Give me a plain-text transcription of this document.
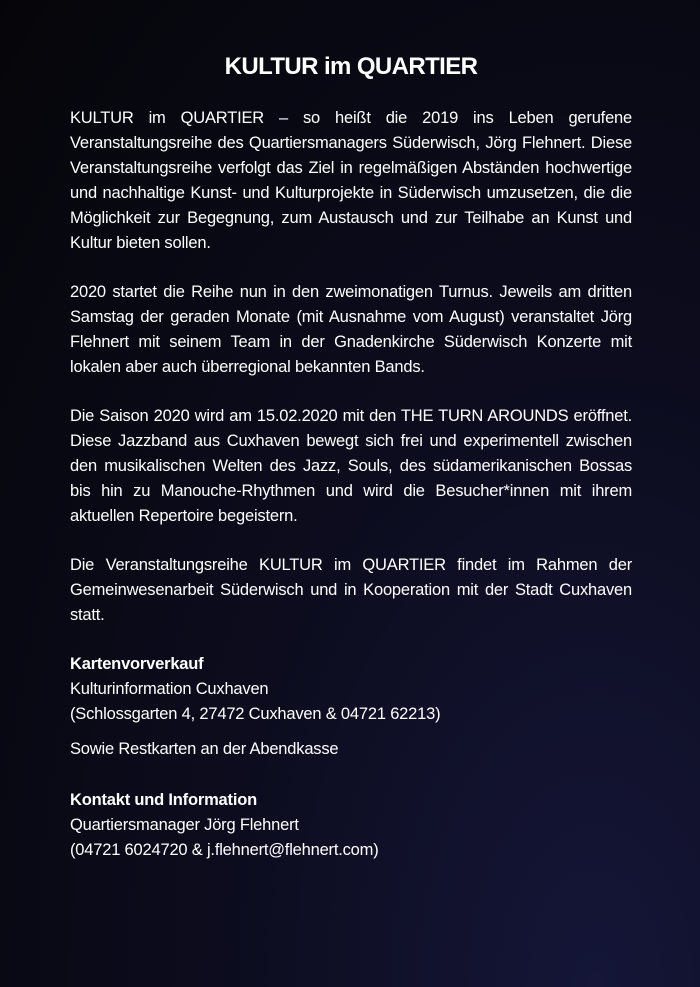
KULTUR im QUARTIER

KULTUR im QUARTIER – so heißt die 2019 ins Leben gerufene Veranstaltungsreihe des Quartiersmanagers Süderwisch, Jörg Flehnert. Diese Veranstaltungsreihe verfolgt das Ziel in regelmäßigen Abständen hochwertige und nachhaltige Kunst- und Kulturprojekte in Süderwisch umzusetzen, die die Möglichkeit zur Begegnung, zum Austausch und zur Teilhabe an Kunst und Kultur bieten sollen.

2020 startet die Reihe nun in den zweimonatigen Turnus. Jeweils am dritten Samstag der geraden Monate (mit Ausnahme vom August) veranstaltet Jörg Flehnert mit seinem Team in der Gnadenkirche Süderwisch Konzerte mit lokalen aber auch überregional bekannten Bands.

Die Saison 2020 wird am 15.02.2020 mit den THE TURN AROUNDS eröffnet. Diese Jazzband aus Cuxhaven bewegt sich frei und experimentell zwischen den musikalischen Welten des Jazz, Souls, des südamerikanischen Bossas bis hin zu Manouche-Rhythmen und wird die Besucher*innen mit ihrem aktuellen Repertoire begeistern.

Die Veranstaltungsreihe KULTUR im QUARTIER findet im Rahmen der Gemeinwesenarbeit Süderwisch und in Kooperation mit der Stadt Cuxhaven statt.

Kartenvorverkauf

Kulturinformation Cuxhaven

(Schlossgarten 4, 27472 Cuxhaven & 04721 62213)

Sowie Restkarten an der Abendkasse

Kontakt und Information

Quartiersmanager Jörg Flehnert

(04721 6024720 & j.flehnert@flehnert.com)
